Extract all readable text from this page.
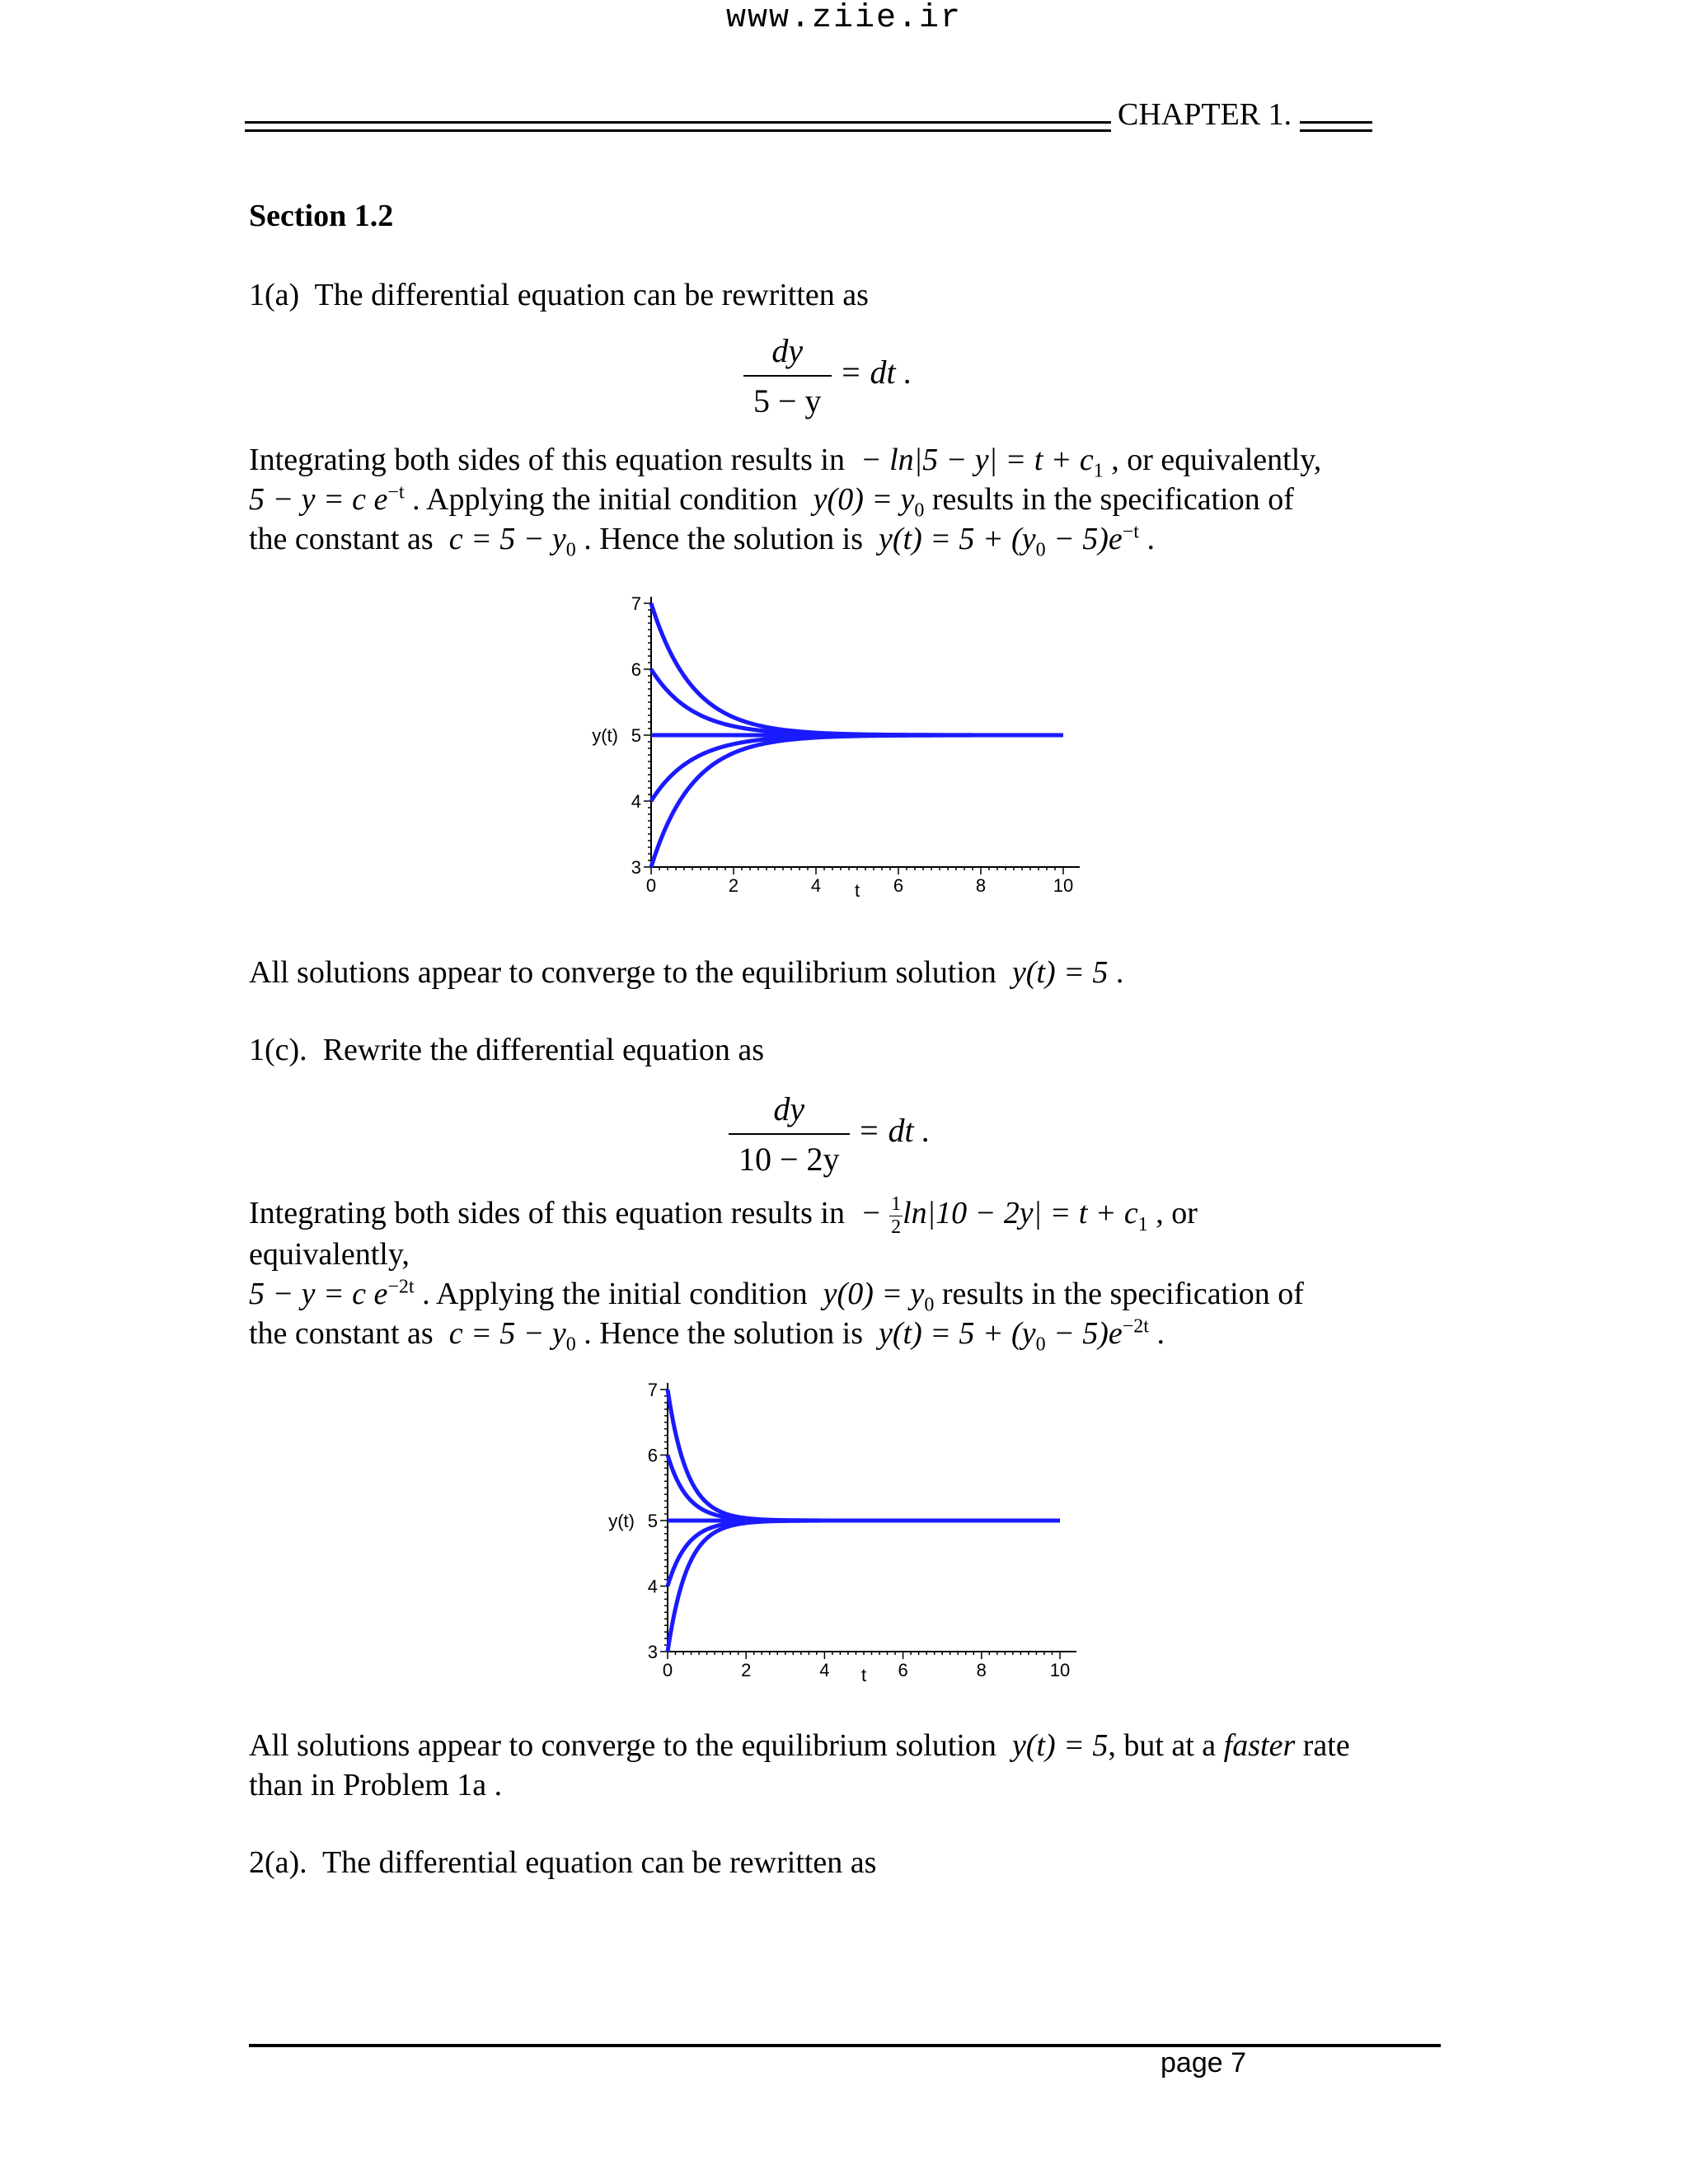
www.ziie.ir
CHAPTER 1.
Section 1.2
1(a) The differential equation can be rewritten as
$\frac{dy}{5 - y}$ = dt .
Integrating both sides of this equation results in − $\ln|5 - y| = t + c_1$ , or equivalently,
5 − y = c $e^{-t}$ . Applying the initial condition $y(0) = y_0$ results in the specification of
the constant as $c = 5 - y_0$ . Hence the solution is $y(t) = 5 + (y_0 - 5)e^{-t}$ .
3
4
5
6
7
0	2	4	6	8	10
y(t)
t
All solutions appear to converge to the equilibrium solution y(t) = 5 .
1(c). Rewrite the differential equation as
$\frac{dy}{10 - 2y}$ = dt .
Integrating both sides of this equation results in − $\frac{1}{2} \ln|10 - 2y| = t + c_1$ , or
equivalently,
5 − y = c $e^{-2t}$ . Applying the initial condition $y(0) = y_0$ results in the specification of
the constant as $c = 5 - y_0$ . Hence the solution is $y(t) = 5 + (y_0 - 5)e^{-2t}$ .
3
4
5
6
7
0	2	4	6	8	10
y(t)
t
All solutions appear to converge to the equilibrium solution y(t) = 5, but at a faster rate
than in Problem 1a .
2(a). The differential equation can be rewritten as
page 7
